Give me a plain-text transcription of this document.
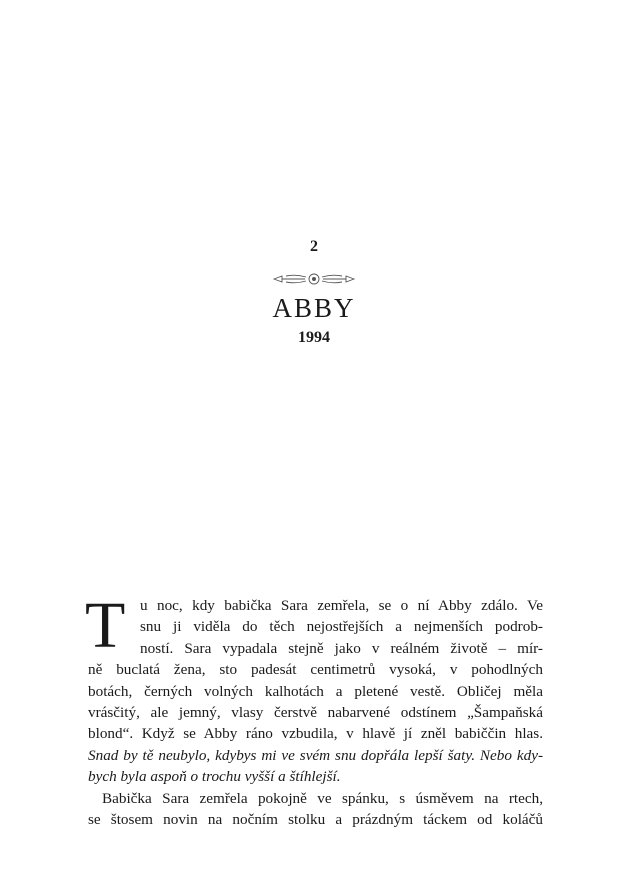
2
ABBY
1994
T u noc, kdy babička Sara zemřela, se o ní Abby zdálo. Ve
snu ji viděla do těch nejostřejších a nejmenších podrob-
ností. Sara vypadala stejně jako v reálném životě – mír-
ně buclatá žena, sto padesát centimetrů vysoká, v pohodlných
botách, černých volných kalhotách a pletené vestě. Obličej měla
vrásčitý, ale jemný, vlasy čerstvě nabarvené odstínem „Šampaňská
blond“. Když se Abby ráno vzbudila, v hlavě jí zněl babiččin hlas.
Snad by tě neubylo, kdybys mi ve svém snu dopřála lepší šaty. Nebo kdy-
bych byla aspoň o trochu vyšší a štíhlejší.
Babička Sara zemřela pokojně ve spánku, s úsměvem na rtech,
se štosem novin na nočním stolku a prázdným táckem od koláčů
